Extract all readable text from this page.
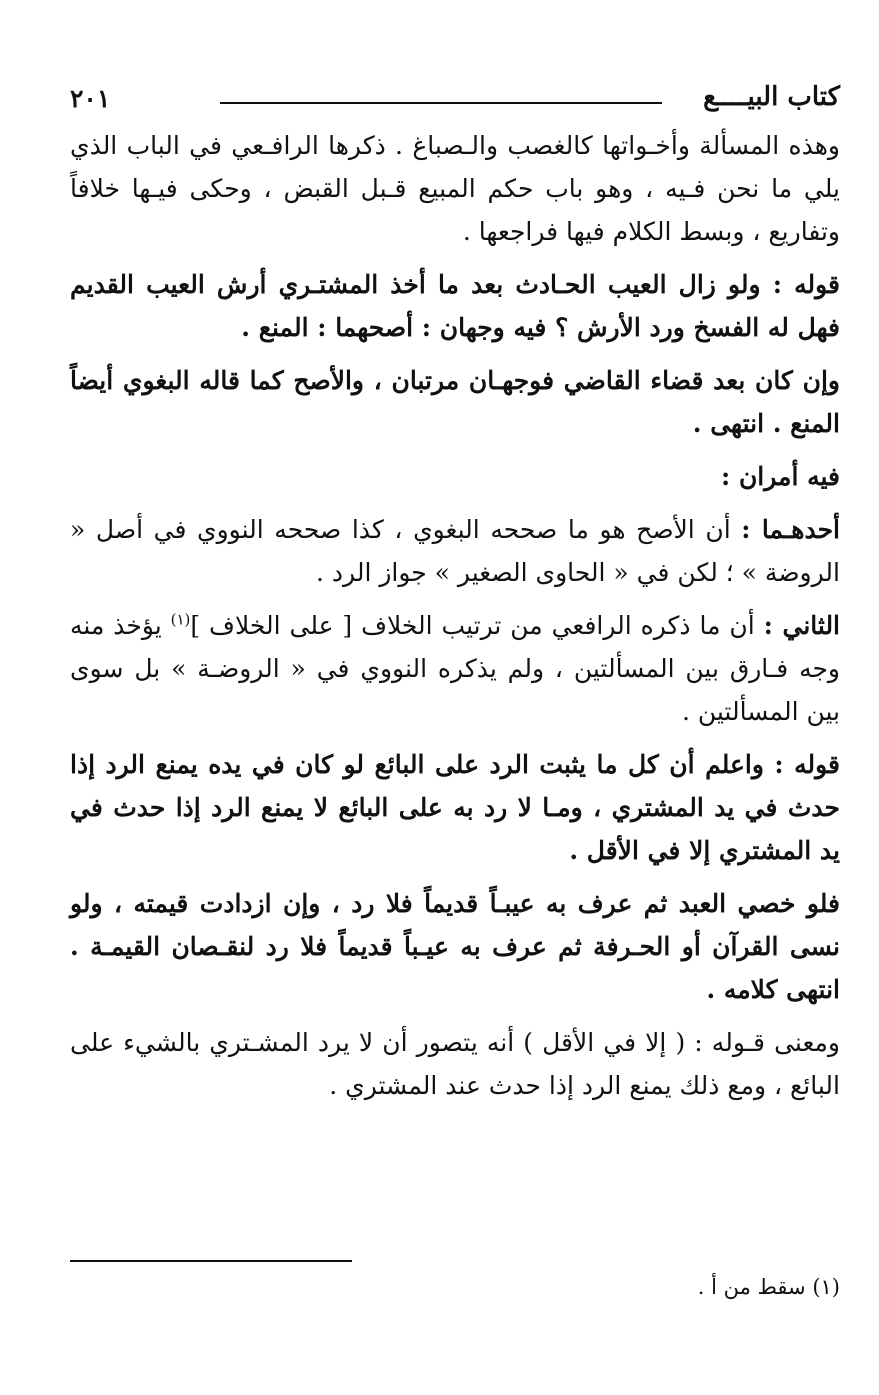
كتاب البيــــع
٢٠١

وهذه المسألة وأخـواتها كالغصب والـصباغ . ذكرها الرافـعي في الباب الذي يلي ما نحن فـيه ، وهو باب حكم المبيع قـبل القبض ، وحكى فيـها خلافاً وتفاريع ، وبسط الكلام فيها فراجعها .

قوله : ولو زال العيب الحـادث بعد ما أخذ المشتـري أرش العيب القديم فهل له الفسخ ورد الأرش ؟ فيه وجهان : أصحهما : المنع .

وإن كان بعد قضاء القاضي فوجهـان مرتبان ، والأصح كما قاله البغوي أيضاً المنع . انتهى .

فيه أمران :

أحدهـما : أن الأصح هو ما صححه البغوي ، كذا صححه النووي في أصل « الروضة » ؛ لكن في « الحاوى الصغير » جواز الرد .

الثاني : أن ما ذكره الرافعي من ترتيب الخلاف [ على الخلاف ]$^{(١)}$ يؤخذ منه وجه فـارق بين المسألتين ، ولم يذكره النووي في « الروضـة » بل سوى بين المسألتين .

قوله : واعلم أن كل ما يثبت الرد على البائع لو كان في يده يمنع الرد إذا حدث في يد المشتري ، ومـا لا رد به على البائع لا يمنع الرد إذا حدث في يد المشتري إلا في الأقل .

فلو خصي العبد ثم عرف به عيبـاً قديماً فلا رد ، وإن ازدادت قيمته ، ولو نسى القرآن أو الحـرفة ثم عرف به عيـباً قديماً فلا رد لنقـصان القيمـة . انتهى كلامه .

ومعنى قـوله : ( إلا في الأقل ) أنه يتصور أن لا يرد المشـتري بالشيء على البائع ، ومع ذلك يمنع الرد إذا حدث عند المشتري .

(١) سقط من أ .
